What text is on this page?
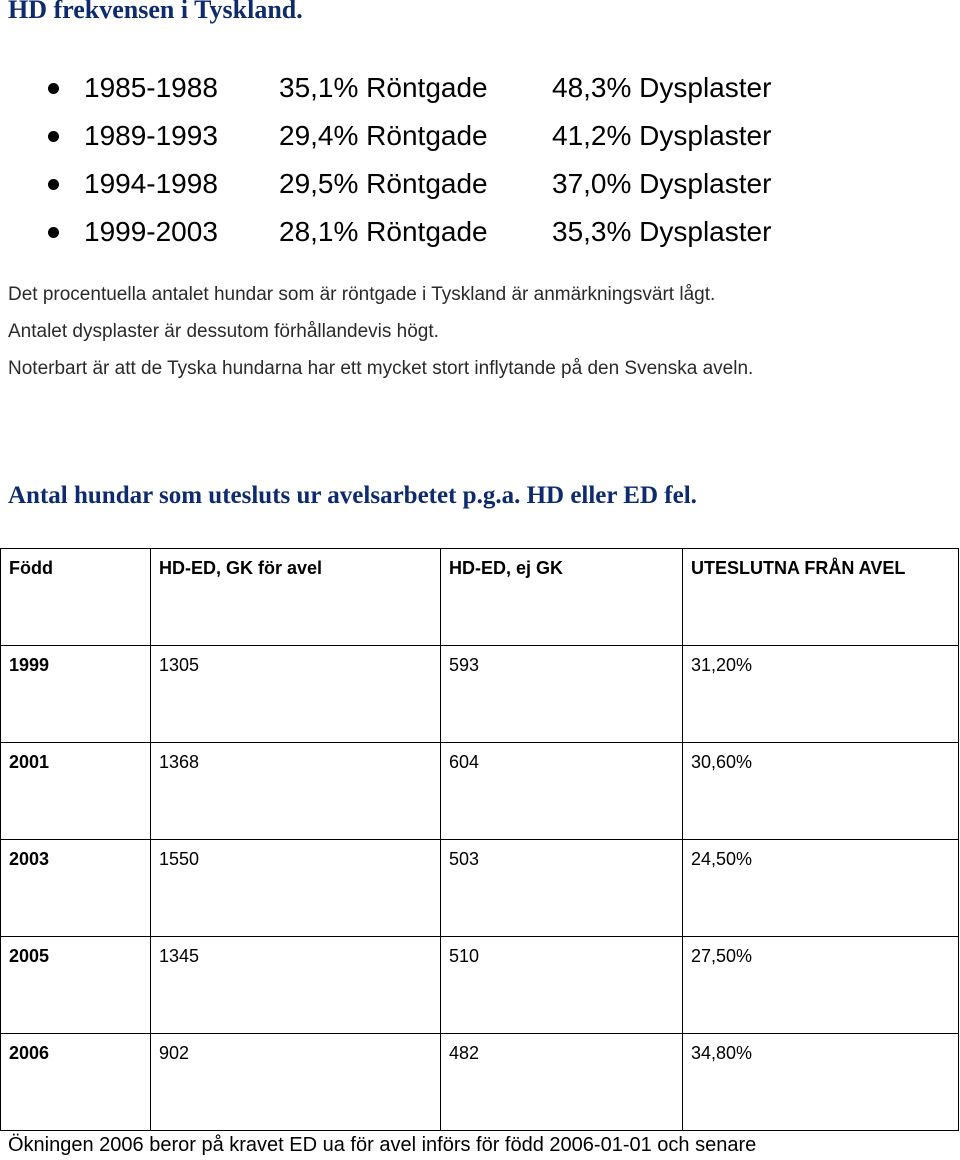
HD frekvensen i Tyskland.
1985-1988 35,1% Röntgade 48,3% Dysplaster
1989-1993 29,4% Röntgade 41,2% Dysplaster
1994-1998 29,5% Röntgade 37,0% Dysplaster
1999-2003 28,1% Röntgade 35,3% Dysplaster

Det procentuella antalet hundar som är röntgade i Tyskland är anmärkningsvärt lågt.

Antalet dysplaster är dessutom förhållandevis högt.

Noterbart är att de Tyska hundarna har ett mycket stort inflytande på den Svenska aveln.

Antal hundar som utesluts ur avelsarbetet p.g.a. HD eller ED fel.
Född	HD-ED, GK för avel	HD-ED, ej GK	UTESLUTNA FRÅN AVEL
1999	1305	593	31,20%
2001	1368	604	30,60%
2003	1550	503	24,50%
2005	1345	510	27,50%
2006	902	482	34,80%

Ökningen 2006 beror på kravet ED ua för avel införs för född 2006-01-01 och senare
